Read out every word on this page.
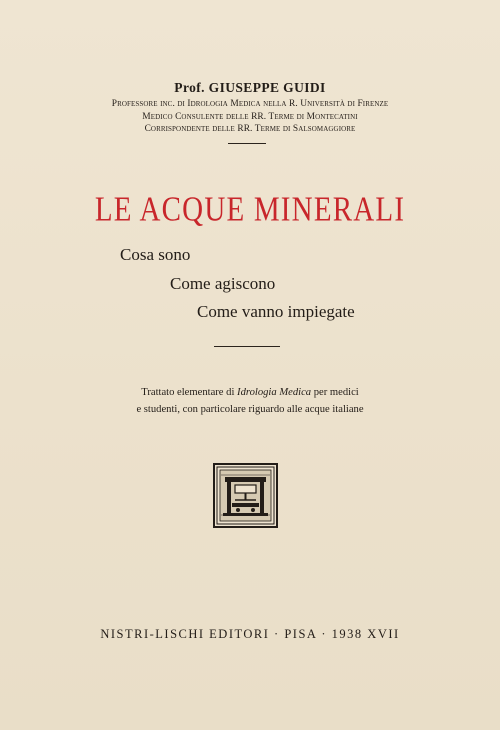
Prof. GIUSEPPE GUIDI
Professore inc. di Idrologia Medica nella R. Università di Firenze
Medico Consulente delle RR. Terme di Montecatini
Corrispondente delle RR. Terme di Salsomaggiore
LE ACQUE MINERALI
Cosa sono
Come agiscono
Come vanno impiegate
Trattato elementare di Idrologia Medica per medici
e studenti, con particolare riguardo alle acque italiane
NISTRI-LISCHI EDITORI · PISA · 1938 XVII
